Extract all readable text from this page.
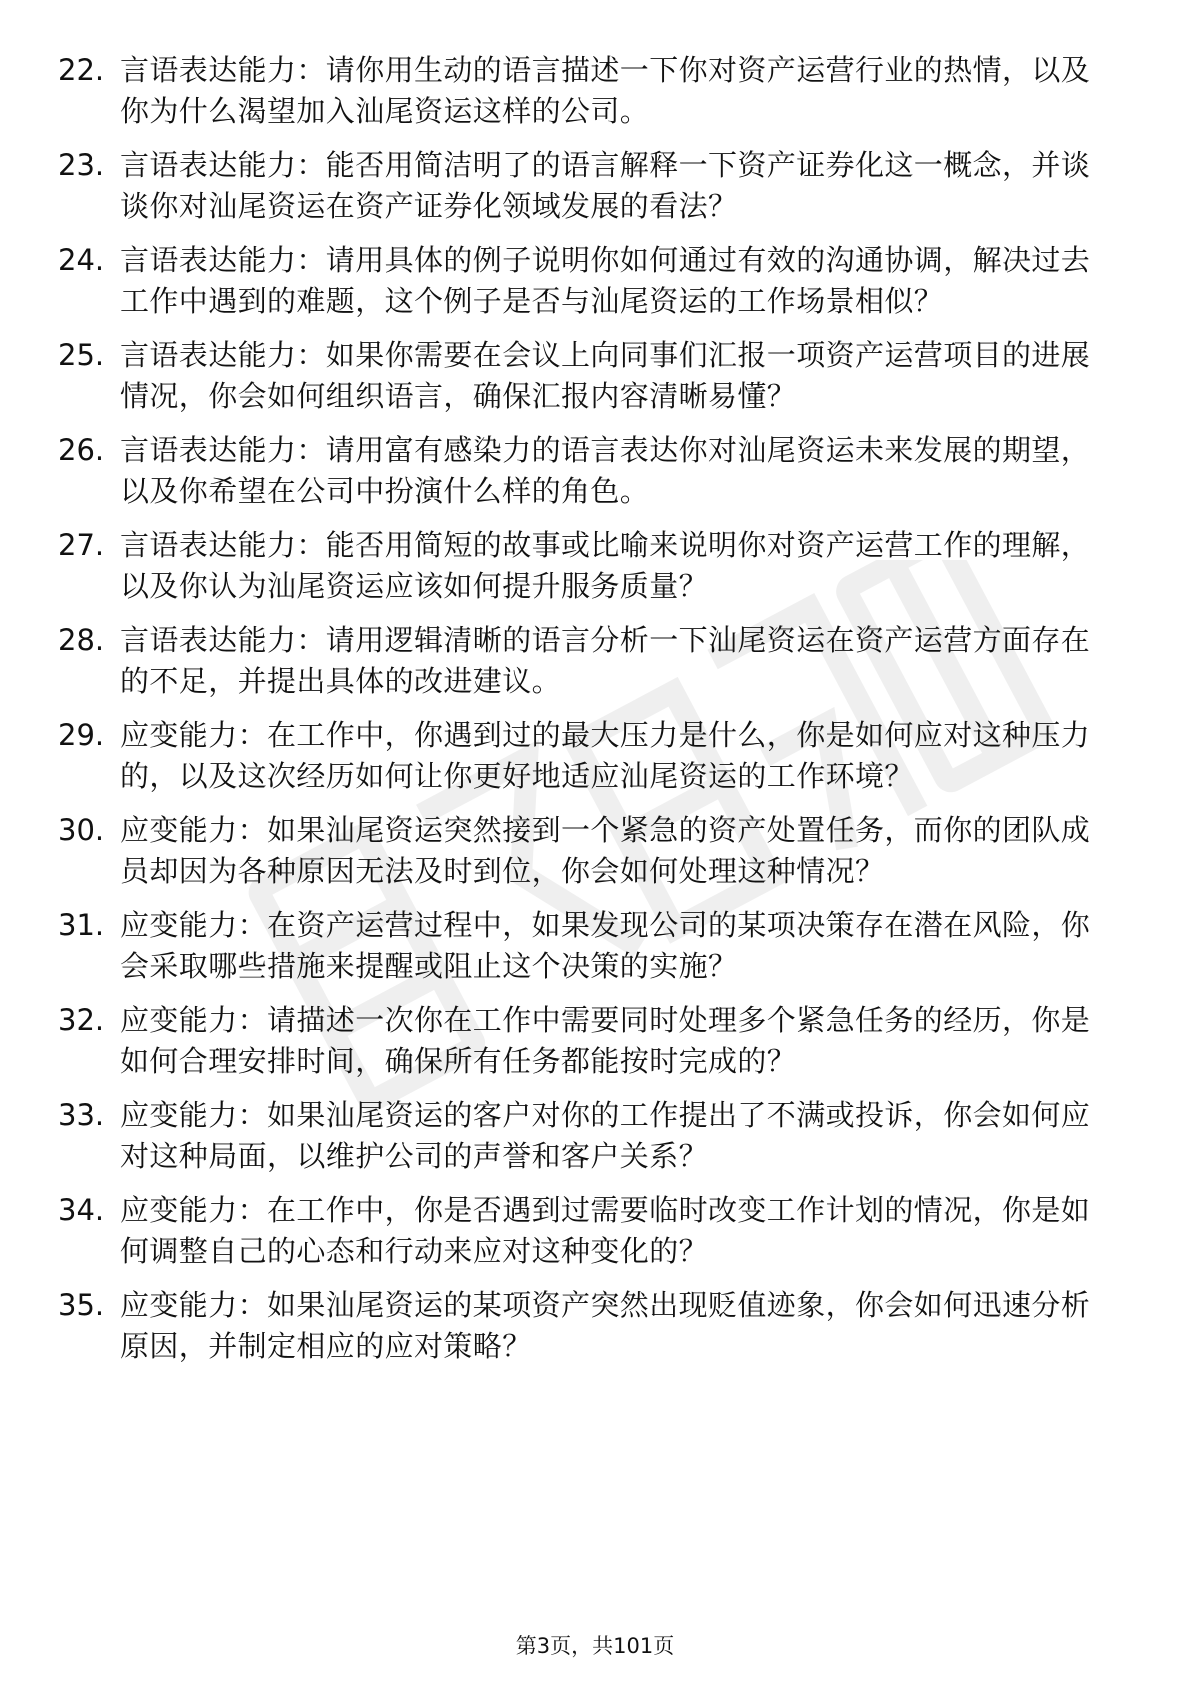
22. 言语表达能力：请你用生动的语言描述一下你对资产运营行业的热情，以及你为什么渴望加入汕尾资运这样的公司。
23. 言语表达能力：能否用简洁明了的语言解释一下资产证券化这一概念，并谈谈你对汕尾资运在资产证券化领域发展的看法？
24. 言语表达能力：请用具体的例子说明你如何通过有效的沟通协调，解决过去工作中遇到的难题，这个例子是否与汕尾资运的工作场景相似？
25. 言语表达能力：如果你需要在会议上向同事们汇报一项资产运营项目的进展情况，你会如何组织语言，确保汇报内容清晰易懂？
26. 言语表达能力：请用富有感染力的语言表达你对汕尾资运未来发展的期望，以及你希望在公司中扮演什么样的角色。
27. 言语表达能力：能否用简短的故事或比喻来说明你对资产运营工作的理解，以及你认为汕尾资运应该如何提升服务质量？
28. 言语表达能力：请用逻辑清晰的语言分析一下汕尾资运在资产运营方面存在的不足，并提出具体的改进建议。
29. 应变能力：在工作中，你遇到过的最大压力是什么，你是如何应对这种压力的，以及这次经历如何让你更好地适应汕尾资运的工作环境？
30. 应变能力：如果汕尾资运突然接到一个紧急的资产处置任务，而你的团队成员却因为各种原因无法及时到位，你会如何处理这种情况？
31. 应变能力：在资产运营过程中，如果发现公司的某项决策存在潜在风险，你会采取哪些措施来提醒或阻止这个决策的实施？
32. 应变能力：请描述一次你在工作中需要同时处理多个紧急任务的经历，你是如何合理安排时间，确保所有任务都能按时完成的？
33. 应变能力：如果汕尾资运的客户对你的工作提出了不满或投诉，你会如何应对这种局面，以维护公司的声誉和客户关系？
34. 应变能力：在工作中，你是否遇到过需要临时改变工作计划的情况，你是如何调整自己的心态和行动来应对这种变化的？
35. 应变能力：如果汕尾资运的某项资产突然出现贬值迹象，你会如何迅速分析原因，并制定相应的应对策略？
第3页，共101页
